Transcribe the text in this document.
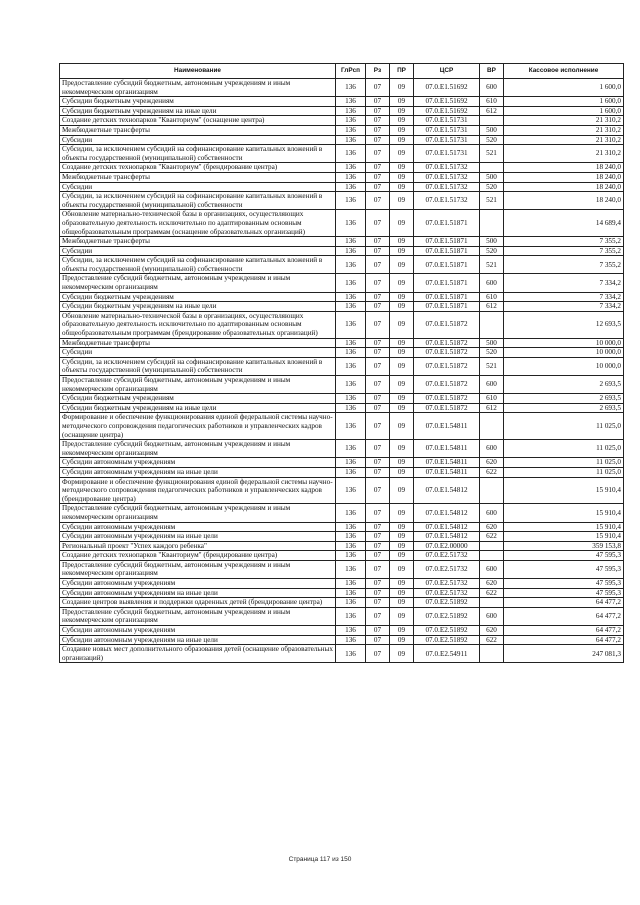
Наименование	ГлРсп	Рз	ПР	ЦСР	ВР	Кассовое исполнение
Предоставление субсидий бюджетным, автономным учреждениям и иным некоммерческим организациям	136	07	09	07.0.E1.51692	600	1 600,0
Субсидии бюджетным учреждениям	136	07	09	07.0.E1.51692	610	1 600,0
Субсидии бюджетным учреждениям на иные цели	136	07	09	07.0.E1.51692	612	1 600,0
Создание детских технопарков "Кванториум" (оснащение центра)	136	07	09	07.0.E1.51731		21 310,2
Межбюджетные трансферты	136	07	09	07.0.E1.51731	500	21 310,2
Субсидии	136	07	09	07.0.E1.51731	520	21 310,2
Субсидии, за исключением субсидий на софинансирование капитальных вложений в объекты государственной (муниципальной) собственности	136	07	09	07.0.E1.51731	521	21 310,2
Создание детских технопарков "Кванториум" (брендирование центра)	136	07	09	07.0.E1.51732		18 240,0
Межбюджетные трансферты	136	07	09	07.0.E1.51732	500	18 240,0
Субсидии	136	07	09	07.0.E1.51732	520	18 240,0
Субсидии, за исключением субсидий на софинансирование капитальных вложений в объекты государственной (муниципальной) собственности	136	07	09	07.0.E1.51732	521	18 240,0
Обновление материально-технической базы в организациях, осуществляющих образовательную деятельность исключительно по адаптированным основным общеобразовательным программам (оснащение образовательных организаций)	136	07	09	07.0.E1.51871		14 689,4
Межбюджетные трансферты	136	07	09	07.0.E1.51871	500	7 355,2
Субсидии	136	07	09	07.0.E1.51871	520	7 355,2
Субсидии, за исключением субсидий на софинансирование капитальных вложений в объекты государственной (муниципальной) собственности	136	07	09	07.0.E1.51871	521	7 355,2
Предоставление субсидий бюджетным, автономным учреждениям и иным некоммерческим организациям	136	07	09	07.0.E1.51871	600	7 334,2
Субсидии бюджетным учреждениям	136	07	09	07.0.E1.51871	610	7 334,2
Субсидии бюджетным учреждениям на иные цели	136	07	09	07.0.E1.51871	612	7 334,2
Обновление материально-технической базы в организациях, осуществляющих образовательную деятельность исключительно по адаптированным основным общеобразовательным программам (брендирование образовательных организаций)	136	07	09	07.0.E1.51872		12 693,5
Межбюджетные трансферты	136	07	09	07.0.E1.51872	500	10 000,0
Субсидии	136	07	09	07.0.E1.51872	520	10 000,0
Субсидии, за исключением субсидий на софинансирование капитальных вложений в объекты государственной (муниципальной) собственности	136	07	09	07.0.E1.51872	521	10 000,0
Предоставление субсидий бюджетным, автономным учреждениям и иным некоммерческим организациям	136	07	09	07.0.E1.51872	600	2 693,5
Субсидии бюджетным учреждениям	136	07	09	07.0.E1.51872	610	2 693,5
Субсидии бюджетным учреждениям на иные цели	136	07	09	07.0.E1.51872	612	2 693,5
Формирование и обеспечение функционирования единой федеральной системы научно-методического сопровождения педагогических работников и управленческих кадров (оснащение центра)	136	07	09	07.0.E1.54811		11 025,0
Предоставление субсидий бюджетным, автономным учреждениям и иным некоммерческим организациям	136	07	09	07.0.E1.54811	600	11 025,0
Субсидии автономным учреждениям	136	07	09	07.0.E1.54811	620	11 025,0
Субсидии автономным учреждениям на иные цели	136	07	09	07.0.E1.54811	622	11 025,0
Формирование и обеспечение функционирования единой федеральной системы научно-методического сопровождения педагогических работников и управленческих кадров (брендирование центра)	136	07	09	07.0.E1.54812		15 910,4
Предоставление субсидий бюджетным, автономным учреждениям и иным некоммерческим организациям	136	07	09	07.0.E1.54812	600	15 910,4
Субсидии автономным учреждениям	136	07	09	07.0.E1.54812	620	15 910,4
Субсидии автономным учреждениям на иные цели	136	07	09	07.0.E1.54812	622	15 910,4
Региональный проект "Успех каждого ребенка"	136	07	09	07.0.E2.00000		359 153,8
Создание детских технопарков "Кванториум" (брендирование центра)	136	07	09	07.0.E2.51732		47 595,3
Предоставление субсидий бюджетным, автономным учреждениям и иным некоммерческим организациям	136	07	09	07.0.E2.51732	600	47 595,3
Субсидии автономным учреждениям	136	07	09	07.0.E2.51732	620	47 595,3
Субсидии автономным учреждениям на иные цели	136	07	09	07.0.E2.51732	622	47 595,3
Создание центров выявления и поддержки одаренных детей (брендирование центра)	136	07	09	07.0.E2.51892		64 477,2
Предоставление субсидий бюджетным, автономным учреждениям и иным некоммерческим организациям	136	07	09	07.0.E2.51892	600	64 477,2
Субсидии автономным учреждениям	136	07	09	07.0.E2.51892	620	64 477,2
Субсидии автономным учреждениям на иные цели	136	07	09	07.0.E2.51892	622	64 477,2
Создание новых мест дополнительного образования детей (оснащение образовательных организаций)	136	07	09	07.0.E2.54911		247 081,3
Страница 117 из 150
